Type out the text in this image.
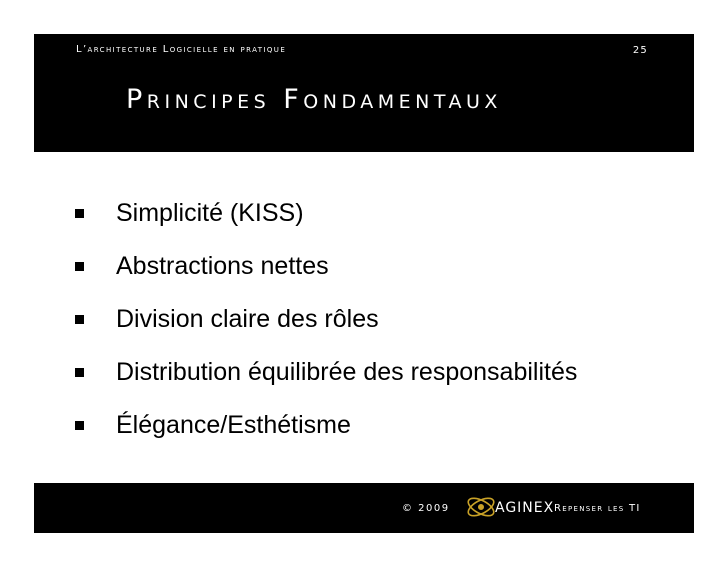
L’architecture Logicielle en pratique	25
Principes Fondamentaux
Simplicité (KISS)
Abstractions nettes
Division claire des rôles
Distribution équilibrée des responsabilités
Élégance/Esthétisme
© 2009	AGINEX Repenser les TI
